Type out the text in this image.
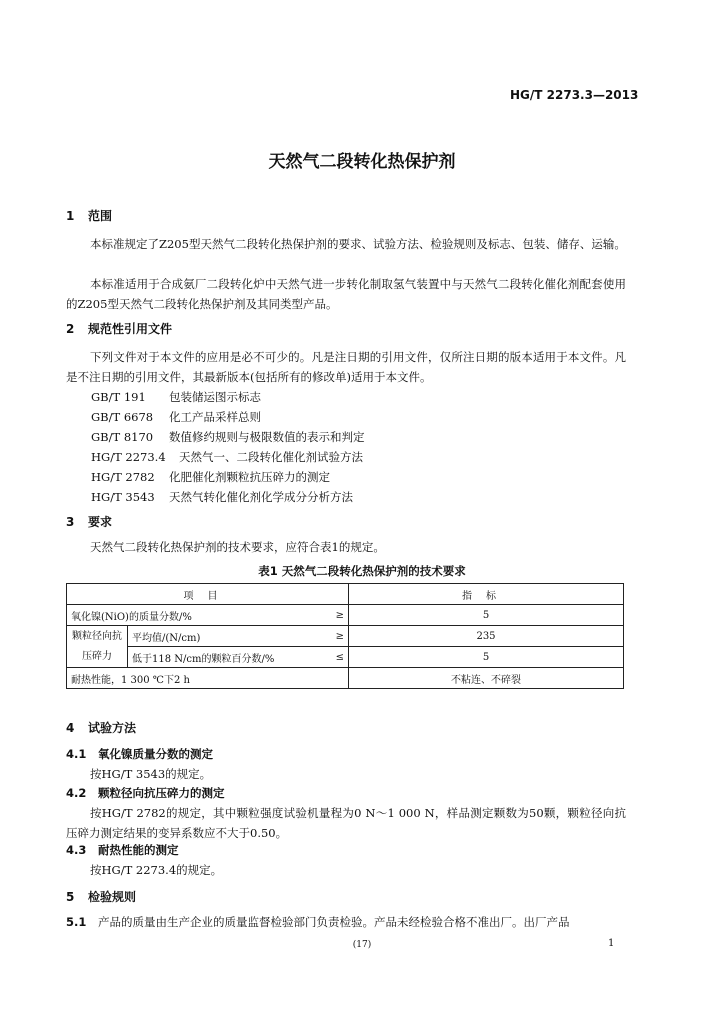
HG/T 2273.3—2013
天然气二段转化热保护剂
1 范围
本标准规定了Z205型天然气二段转化热保护剂的要求、试验方法、检验规则及标志、包装、储存、运输。
本标准适用于合成氨厂二段转化炉中天然气进一步转化制取氢气装置中与天然气二段转化催化剂配套使用的Z205型天然气二段转化热保护剂及其同类型产品。
2 规范性引用文件
下列文件对于本文件的应用是必不可少的。凡是注日期的引用文件，仅所注日期的版本适用于本文件。凡是不注日期的引用文件，其最新版本(包括所有的修改单)适用于本文件。
GB/T 191 包装储运图示标志
GB/T 6678 化工产品采样总则
GB/T 8170 数值修约规则与极限数值的表示和判定
HG/T 2273.4 天然气一、二段转化催化剂试验方法
HG/T 2782 化肥催化剂颗粒抗压碎力的测定
HG/T 3543 天然气转化催化剂化学成分分析方法
3 要求
天然气二段转化热保护剂的技术要求，应符合表1的规定。
表1 天然气二段转化热保护剂的技术要求
项目			指标
氧化镍(NiO)的质量分数/%		≥	5
颗粒径向抗压碎力	平均值/(N/cm)	≥	235
	低于118 N/cm的颗粒百分数/%	≤	5
耐热性能，1 300 ℃下2 h			不粘连、不碎裂
4 试验方法
4.1 氧化镍质量分数的测定
按HG/T 3543的规定。
4.2 颗粒径向抗压碎力的测定
按HG/T 2782的规定，其中颗粒强度试验机量程为0 N～1 000 N，样品测定颗数为50颗，颗粒径向抗压碎力测定结果的变异系数应不大于0.50。
4.3 耐热性能的测定
按HG/T 2273.4的规定。
5 检验规则
5.1 产品的质量由生产企业的质量监督检验部门负责检验。产品未经检验合格不准出厂。出厂产品
(17)	1
